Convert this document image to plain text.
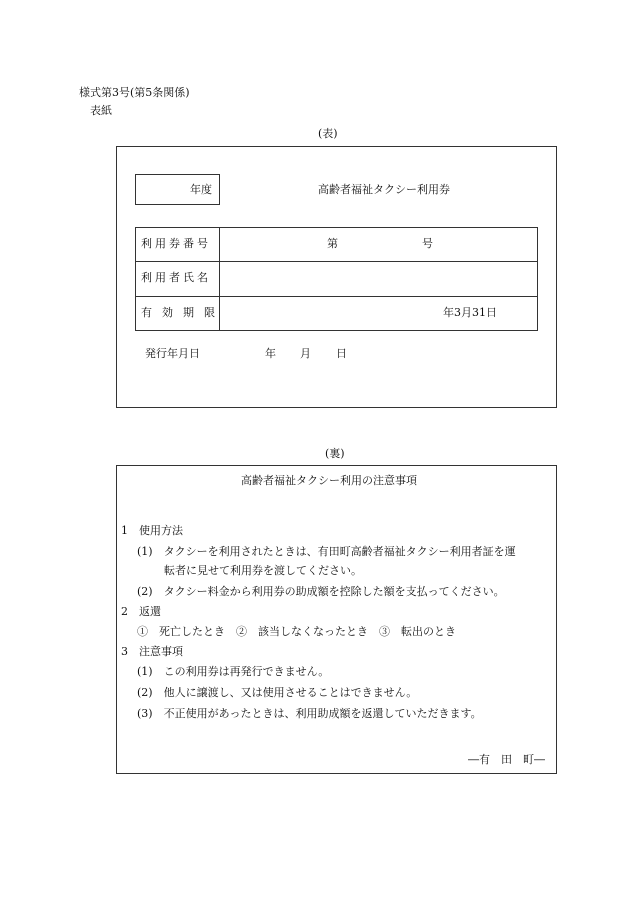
様式第3号(第5条関係)
表紙
(表)
年度	高齢者福祉タクシー利用券
利用券番号	第	号
利用者氏名
有効期限	年3月31日
発行年月日	年 月 日
(裏)
高齢者福祉タクシー利用の注意事項
1　使用方法
(1)　タクシーを利用されたときは、有田町高齢者福祉タクシー利用者証を運
転者に見せて利用券を渡してください。
(2)　タクシー料金から利用券の助成額を控除した額を支払ってください。
2　返還
①　死亡したとき　②　該当しなくなったとき　③　転出のとき
3　注意事項
(1)　この利用券は再発行できません。
(2)　他人に譲渡し、又は使用させることはできません。
(3)　不正使用があったときは、利用助成額を返還していただきます。
―有　田　町―
